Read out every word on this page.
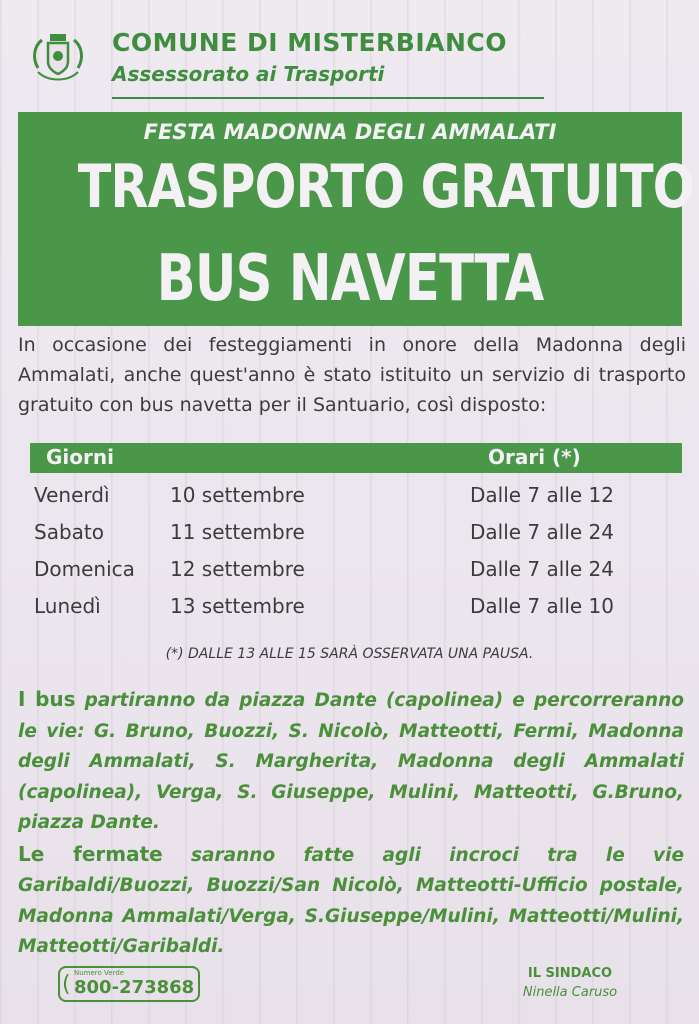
COMUNE DI MISTERBIANCO
Assessorato ai Trasporti
FESTA MADONNA DEGLI AMMALATI
TRASPORTO GRATUITO
BUS NAVETTA
In occasione dei festeggiamenti in onore della Madonna degli Ammalati, anche quest'anno è stato istituito un servizio di trasporto gratuito con bus navetta per il Santuario, così disposto:
Giorni	Orari (*)
Venerdì	10 settembre	Dalle 7 alle 12
Sabato	11 settembre	Dalle 7 alle 24
Domenica 12 settembre	Dalle 7 alle 24
Lunedì	13 settembre	Dalle 7 alle 10
(*) DALLE 13 ALLE 15 SARÀ OSSERVATA UNA PAUSA.
I bus partiranno da piazza Dante (capolinea) e percorreranno le vie: G. Bruno, Buozzi, S. Nicolò, Matteotti, Fermi, Madonna degli Ammalati, S. Margherita, Madonna degli Ammalati (capolinea), Verga, S. Giuseppe, Mulini, Matteotti, G.Bruno, piazza Dante.
Le fermate saranno fatte agli incroci tra le vie Garibaldi/Buozzi, Buozzi/San Nicolò, Matteotti-Ufficio postale, Madonna Ammalati/Verga, S.Giuseppe/Mulini, Matteotti/Mulini, Matteotti/Garibaldi.
( Numero Verde
800-273868
IL SINDACO
Ninella Caruso
